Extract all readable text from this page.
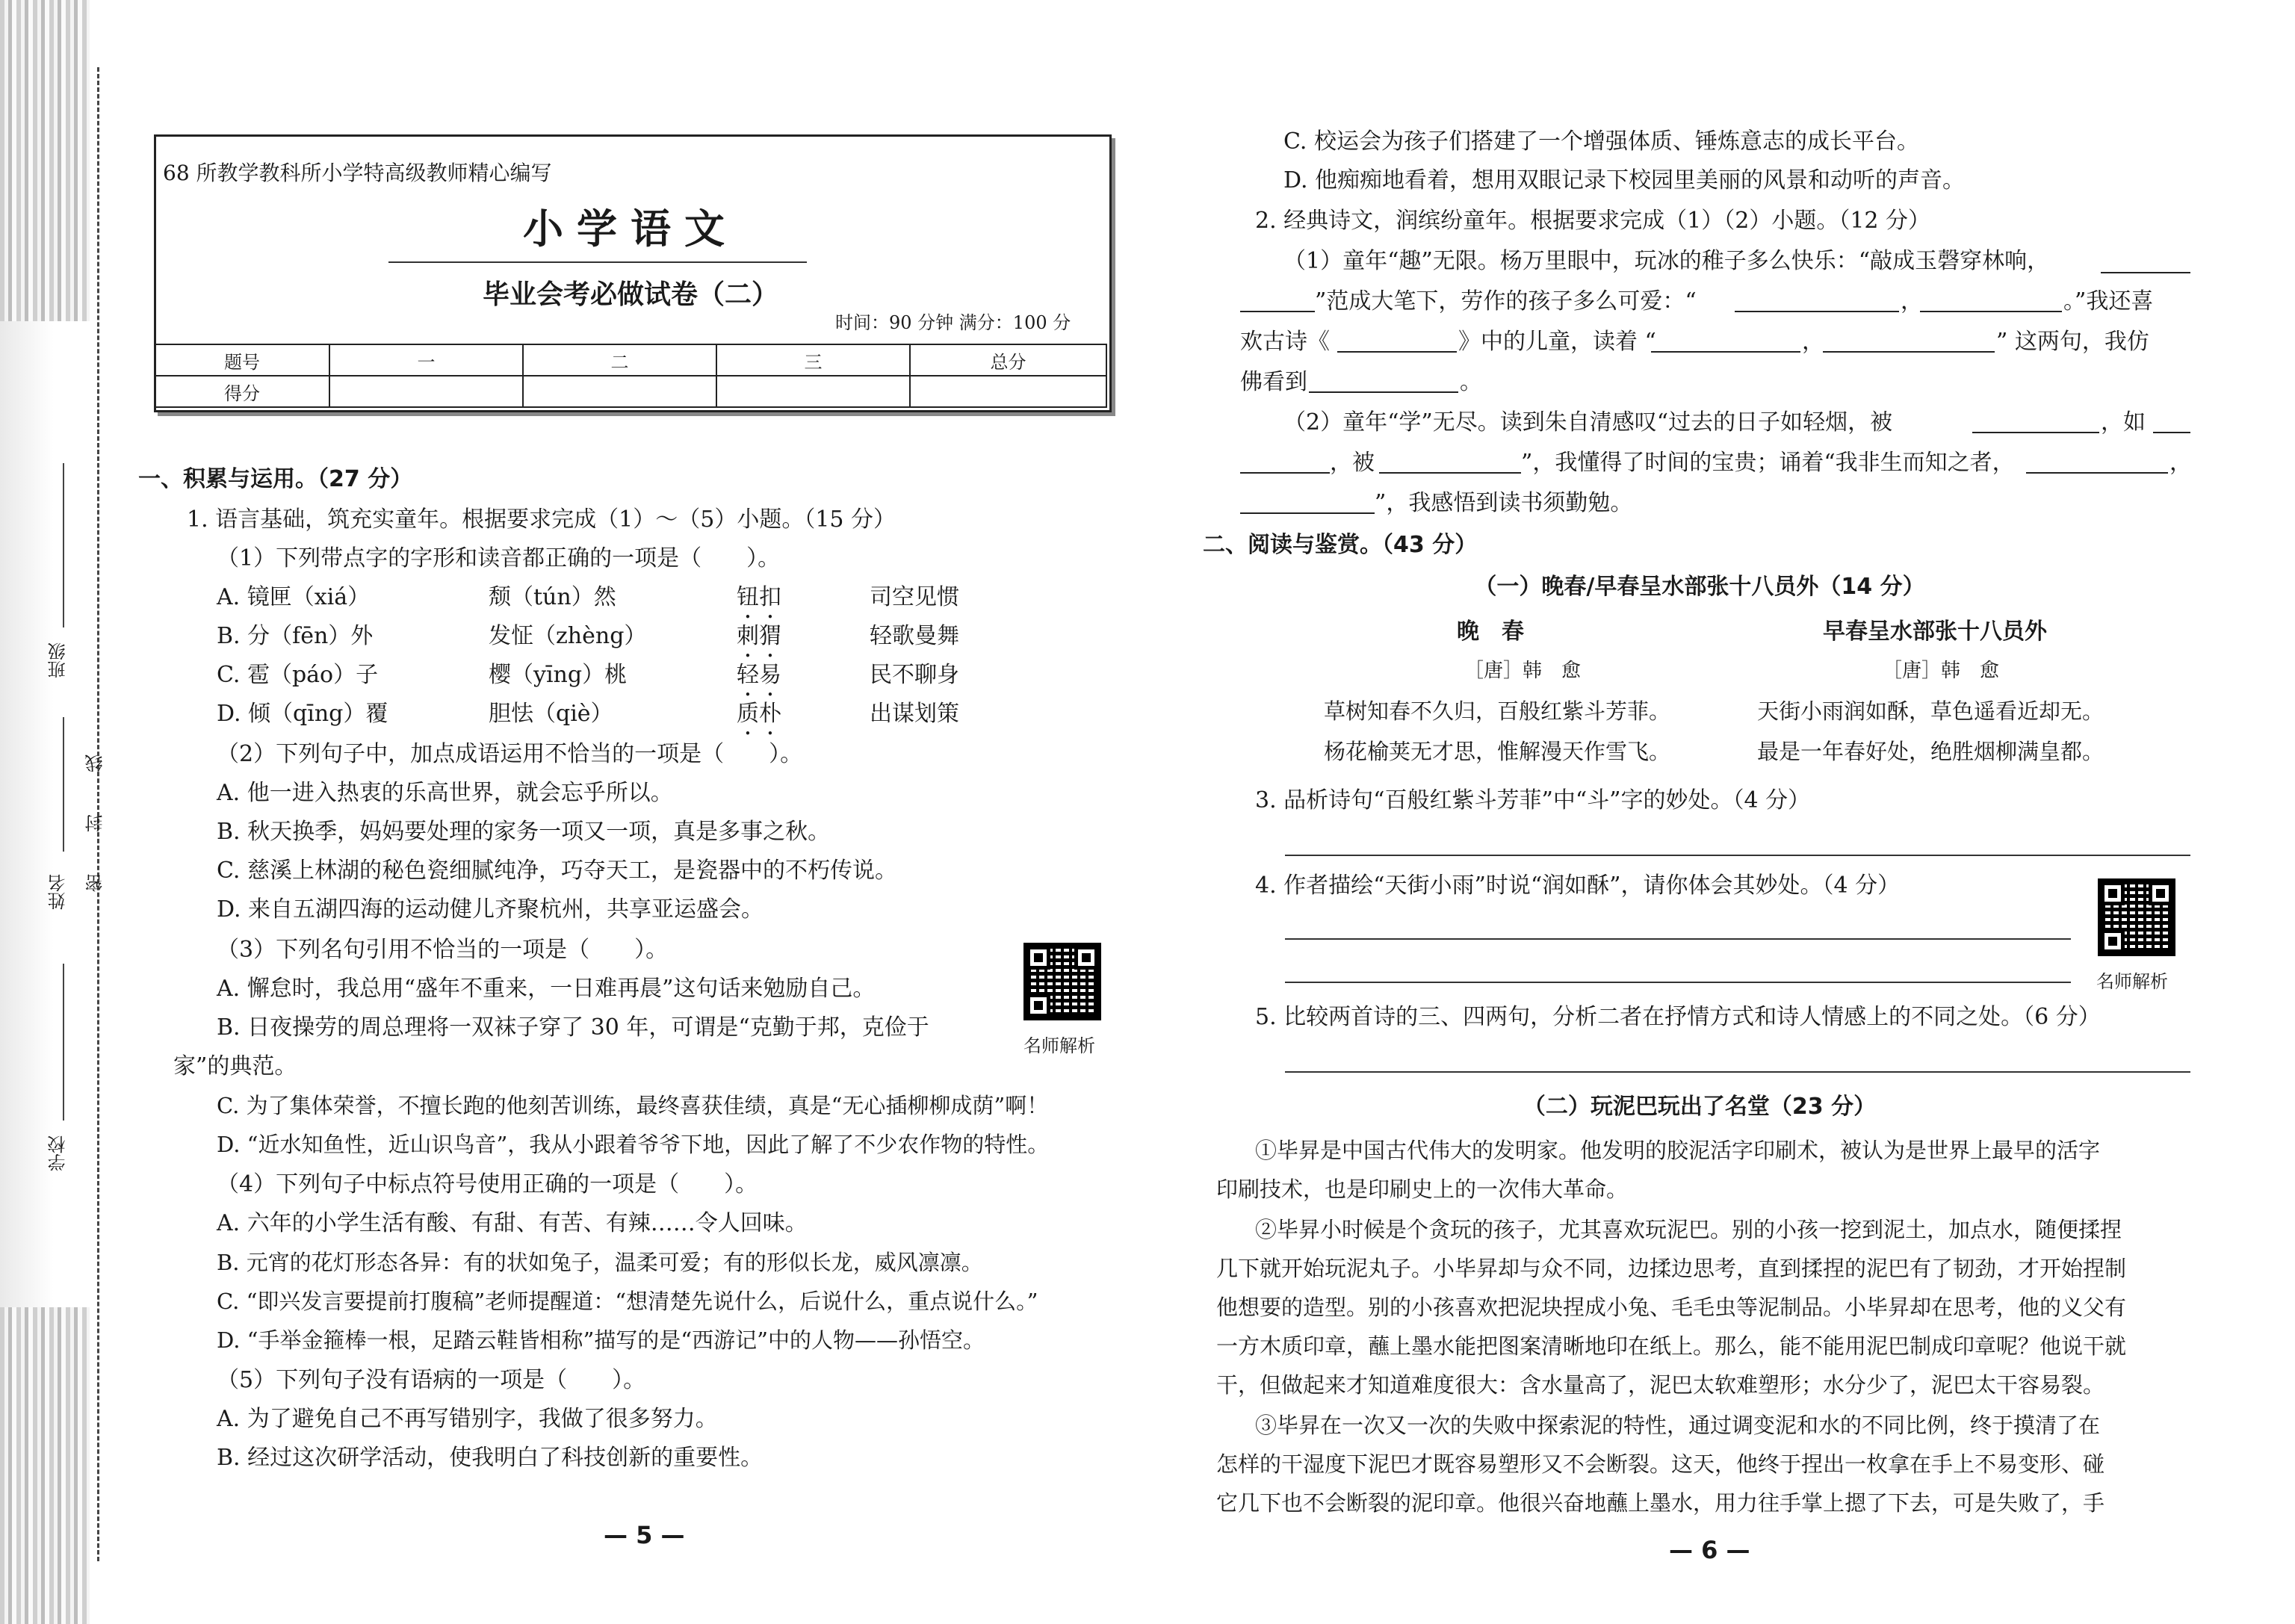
班级
姓名
学校
线
封
密
68 所教学教科所小学特高级教师精心编写
小学语文
毕业会考必做试卷（二）
时间：90 分钟 满分：100 分
题号	一	二	三	总分
得分				
一、积累与运用。（27 分）
1. 语言基础，筑充实童年。根据要求完成（1）～（5）小题。（15 分）
（1）下列带点字的字形和读音都正确的一项是（　　）。
A. 镜匣（xiá）	颓（tún）然	钮扣	司空见惯
B. 分（fēn）外	发怔（zhèng）	刺猬	轻歌曼舞
C. 雹（páo）子	樱（yīng）桃	轻易	民不聊身
D. 倾（qīng）覆	胆怯（qiè）	质朴	出谋划策
（2）下列句子中，加点成语运用不恰当的一项是（　　）。
A. 他一进入热衷的乐高世界，就会忘乎所以。
B. 秋天换季，妈妈要处理的家务一项又一项，真是多事之秋。
C. 慈溪上林湖的秘色瓷细腻纯净，巧夺天工，是瓷器中的不朽传说。
D. 来自五湖四海的运动健儿齐聚杭州，共享亚运盛会。
（3）下列名句引用不恰当的一项是（　　）。
A. 懈怠时，我总用“盛年不重来，一日难再晨”这句话来勉励自己。
B. 日夜操劳的周总理将一双袜子穿了 30 年，可谓是“克勤于邦，克俭于
家”的典范。
C. 为了集体荣誉，不擅长跑的他刻苦训练，最终喜获佳绩，真是“无心插柳柳成荫”啊！
D. “近水知鱼性，近山识鸟音”，我从小跟着爷爷下地，因此了解了不少农作物的特性。
名师解析
（4）下列句子中标点符号使用正确的一项是（　　）。
A. 六年的小学生活有酸、有甜、有苦、有辣……令人回味。
B. 元宵的花灯形态各异：有的状如兔子，温柔可爱；有的形似长龙，威风凛凛。
C. “即兴发言要提前打腹稿”老师提醒道：“想清楚先说什么，后说什么，重点说什么。”
D. “手举金箍棒一根，足踏云鞋皆相称”描写的是“西游记”中的人物——孙悟空。
（5）下列句子没有语病的一项是（　　）。
A. 为了避免自己不再写错别字，我做了很多努力。
B. 经过这次研学活动，使我明白了科技创新的重要性。
— 5 —
C. 校运会为孩子们搭建了一个增强体质、锤炼意志的成长平台。
D. 他痴痴地看着，想用双眼记录下校园里美丽的风景和动听的声音。
2. 经典诗文，润缤纷童年。根据要求完成（1）（2）小题。（12 分）
（1）童年“趣”无限。杨万里眼中，玩冰的稚子多么快乐：“敲成玉磬穿林响，
”范成大笔下，劳作的孩子多么可爱：“	，	。”我还喜
欢古诗《	》中的儿童，读着 “	，	” 这两句，我仿
佛看到	。
（2）童年“学”无尽。读到朱自清感叹“过去的日子如轻烟，被	，如
，被	”，我懂得了时间的宝贵；诵着“我非生而知之者，	，
”，我感悟到读书须勤勉。
二、阅读与鉴赏。（43 分）
（一）晚春/早春呈水部张十八员外（14 分）
晚　春
［唐］韩　愈
草树知春不久归，百般红紫斗芳菲。
杨花榆荚无才思，惟解漫天作雪飞。
早春呈水部张十八员外
［唐］韩　愈
天街小雨润如酥，草色遥看近却无。
最是一年春好处，绝胜烟柳满皇都。
3. 品析诗句“百般红紫斗芳菲”中“斗”字的妙处。（4 分）
4. 作者描绘“天街小雨”时说“润如酥”，请你体会其妙处。（4 分）
名师解析
5. 比较两首诗的三、四两句，分析二者在抒情方式和诗人情感上的不同之处。（6 分）
（二）玩泥巴玩出了名堂（23 分）
①毕昇是中国古代伟大的发明家。他发明的胶泥活字印刷术，被认为是世界上最早的活字
印刷技术，也是印刷史上的一次伟大革命。
②毕昇小时候是个贪玩的孩子，尤其喜欢玩泥巴。别的小孩一挖到泥土，加点水，随便揉捏
几下就开始玩泥丸子。小毕昇却与众不同，边揉边思考，直到揉捏的泥巴有了韧劲，才开始捏制
他想要的造型。别的小孩喜欢把泥块捏成小兔、毛毛虫等泥制品。小毕昇却在思考，他的义父有
一方木质印章，蘸上墨水能把图案清晰地印在纸上。那么，能不能用泥巴制成印章呢？他说干就
干，但做起来才知道难度很大：含水量高了，泥巴太软难塑形；水分少了，泥巴太干容易裂。
③毕昇在一次又一次的失败中探索泥的特性，通过调变泥和水的不同比例，终于摸清了在
怎样的干湿度下泥巴才既容易塑形又不会断裂。这天，他终于捏出一枚拿在手上不易变形、碰
它几下也不会断裂的泥印章。他很兴奋地蘸上墨水，用力往手掌上摁了下去，可是失败了，手
— 6 —
